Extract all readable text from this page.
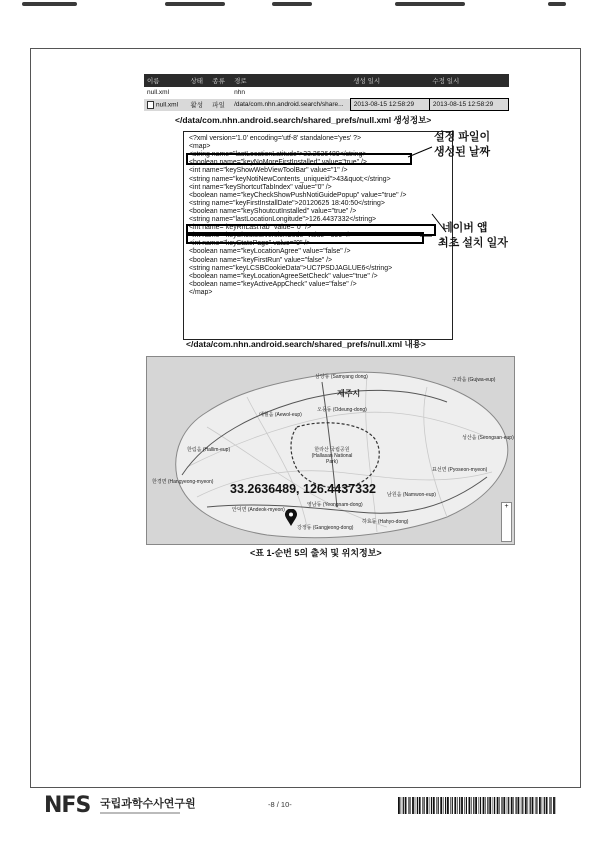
이름	상태	종류	경로	생성 일시	수정 일시
null.xml			nhn		
null.xml	활성	파일	/data/com.nhn.android.search/share...	2013-08-15 12:58:29	2013-08-15 12:58:29
</data/com.nhn.android.search/shared_prefs/null.xml 생성정보>
<?xml version='1.0' encoding='utf-8' standalone='yes' ?>
<map>
<string name="lastLocationLatitude">33.2636489</string>
<boolean name="keyNoMoreFirstInstalled" value="true" />
<int name="keyShowWebViewToolBar" value="1" />
<string name="keyNotiNewContents_uniqueid">43&quot;</string>
<int name="keyShortcutTabIndex" value="0" />
<boolean name="keyCheckShowPushNotiGuidePopup" value="true" />
<string name="keyFirstInstallDate">20120625 18:40:50</string>
<boolean name="keyShoutcutInstalled" value="true" />
<string name="lastLocationLongitude">126.4437332</string>
<int name="keyRnLastTab" value="0" />
<int name="keyShoutcutVersionCode" value="356" />
<int name="keyStatePage" value="0" />
<boolean name="keyLocationAgree" value="false" />
<boolean name="keyFirstRun" value="false" />
<string name="keyLCSBCookieData">UC7PSDJAGLUE6</string>
<boolean name="keyLocationAgreeSetCheck" value="true" />
<boolean name="keyActiveAppCheck" value="false" />
</map>
설정 파일이
생성된 날짜
네이버 앱
최초 설치 일자
</data/com.nhn.android.search/shared_prefs/null.xml 내용>
33.2636489, 126.4437332
삼양동 (Samyang dong)
제주시
구좌읍 (Gujwa-eup)
애월읍 (Aewol-eup)
오등동 (Odeung-dong)
한라산 국립공원 (Hallasan National Park)
한림읍 (Hallim-eup)
성산읍 (Seongsan-eup)
표선면 (Pyoseon-myeon)
한경면 (Hangyeong-myeon)
남원읍 (Namwon-eup)
안덕면 (Andeok-myeon)
영남동 (Yeongnam-dong)
하효동 (Hahyo-dong)
강정동 (Gangjeong-dong)
+
<표 1-순번 5의 출처 및 위치정보>
NFS 국립과학수사연구원	-8 / 10-
